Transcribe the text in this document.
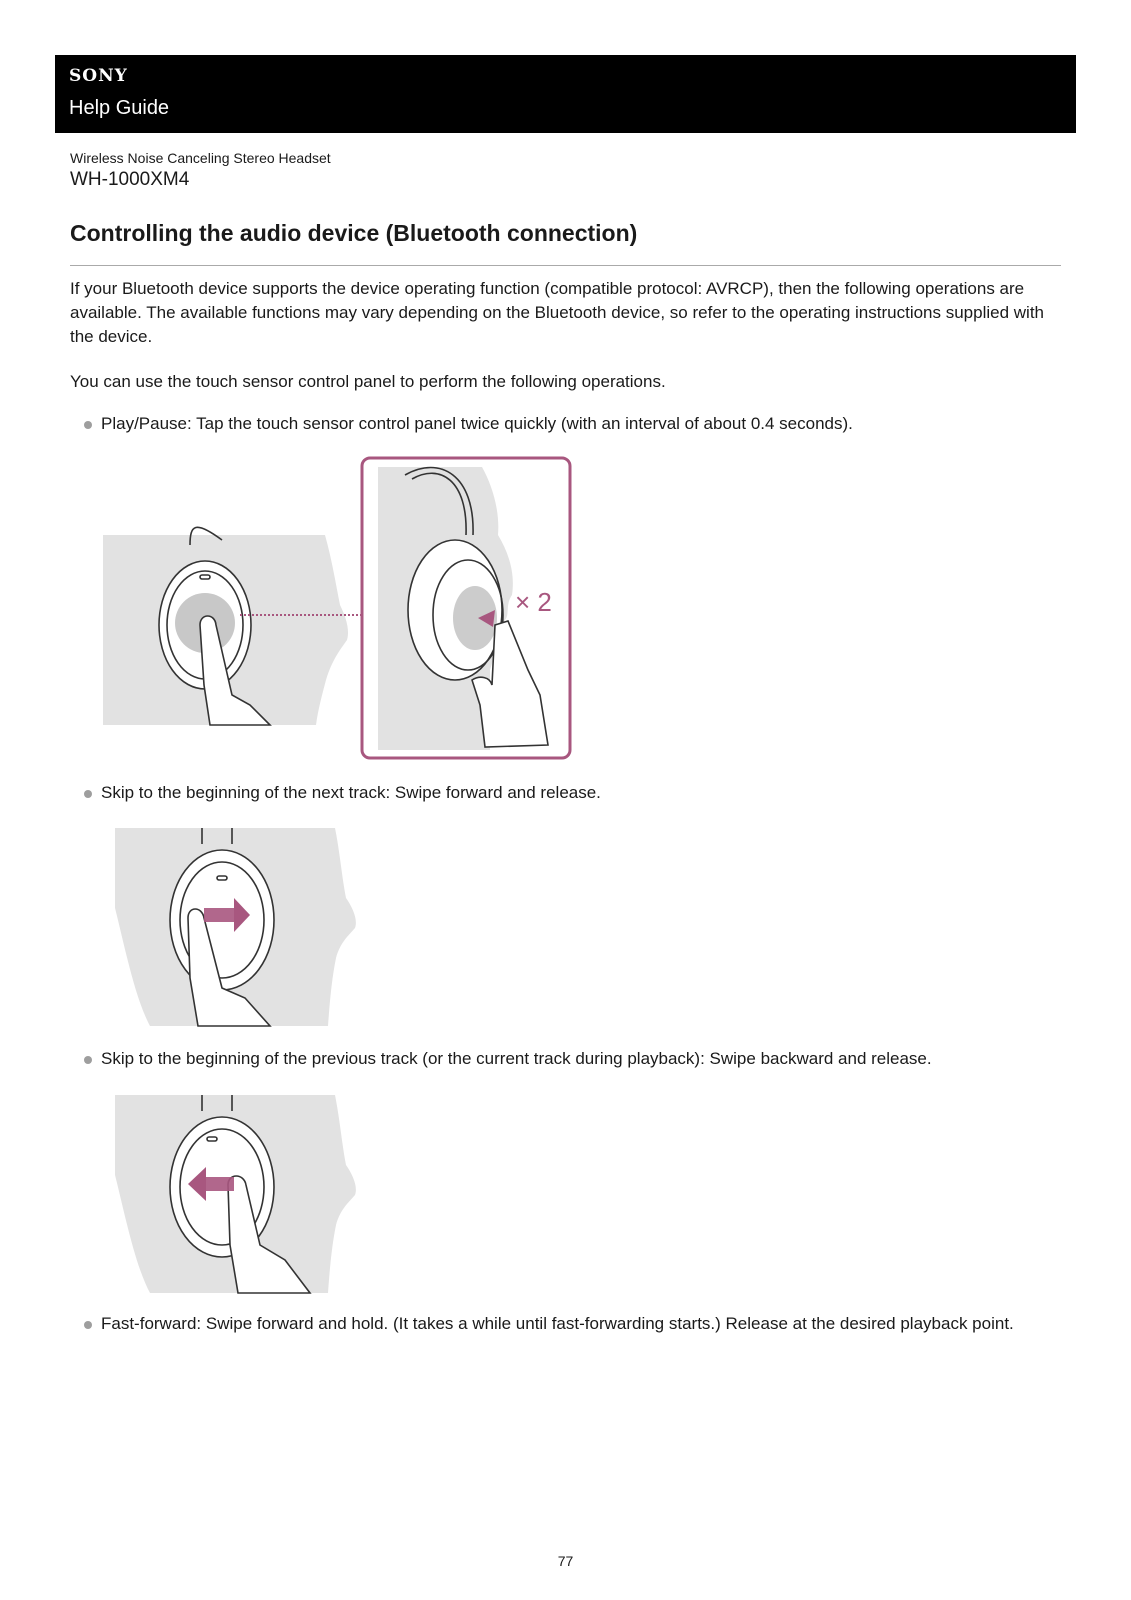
SONY
Help Guide
Wireless Noise Canceling Stereo Headset
WH-1000XM4
Controlling the audio device (Bluetooth connection)

If your Bluetooth device supports the device operating function (compatible protocol: AVRCP), then the following operations are available. The available functions may vary depending on the Bluetooth device, so refer to the operating instructions supplied with the device.

You can use the touch sensor control panel to perform the following operations.

Play/Pause: Tap the touch sensor control panel twice quickly (with an interval of about 0.4 seconds).
× 2
Skip to the beginning of the next track: Swipe forward and release.
Skip to the beginning of the previous track (or the current track during playback): Swipe backward and release.
Fast-forward: Swipe forward and hold. (It takes a while until fast-forwarding starts.) Release at the desired playback point.
77
